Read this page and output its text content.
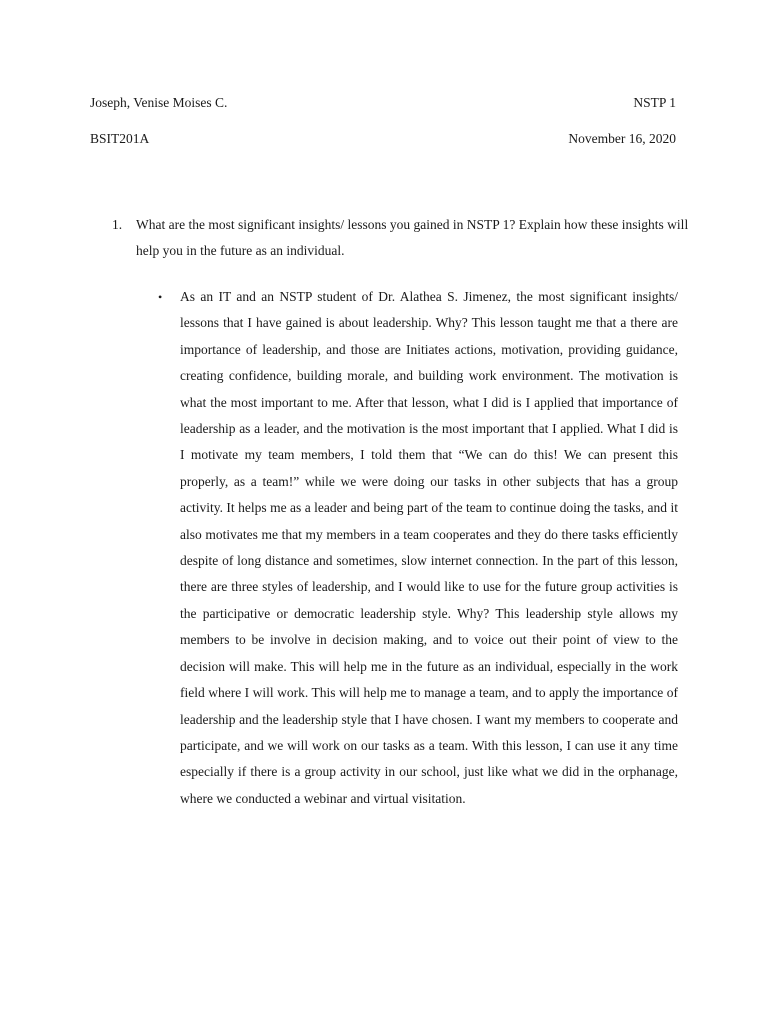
Joseph, Venise Moises C.	NSTP 1
BSIT201A	November 16, 2020
1. What are the most significant insights/ lessons you gained in NSTP 1? Explain how these insights will help you in the future as an individual.
• As an IT and an NSTP student of Dr. Alathea S. Jimenez, the most significant insights/ lessons that I have gained is about leadership. Why? This lesson taught me that a there are importance of leadership, and those are Initiates actions, motivation, providing guidance, creating confidence, building morale, and building work environment. The motivation is what the most important to me. After that lesson, what I did is I applied that importance of leadership as a leader, and the motivation is the most important that I applied. What I did is I motivate my team members, I told them that “We can do this! We can present this properly, as a team!” while we were doing our tasks in other subjects that has a group activity. It helps me as a leader and being part of the team to continue doing the tasks, and it also motivates me that my members in a team cooperates and they do there tasks efficiently despite of long distance and sometimes, slow internet connection. In the part of this lesson, there are three styles of leadership, and I would like to use for the future group activities is the participative or democratic leadership style. Why? This leadership style allows my members to be involve in decision making, and to voice out their point of view to the decision will make. This will help me in the future as an individual, especially in the work field where I will work. This will help me to manage a team, and to apply the importance of leadership and the leadership style that I have chosen. I want my members to cooperate and participate, and we will work on our tasks as a team. With this lesson, I can use it any time especially if there is a group activity in our school, just like what we did in the orphanage, where we conducted a webinar and virtual visitation.
